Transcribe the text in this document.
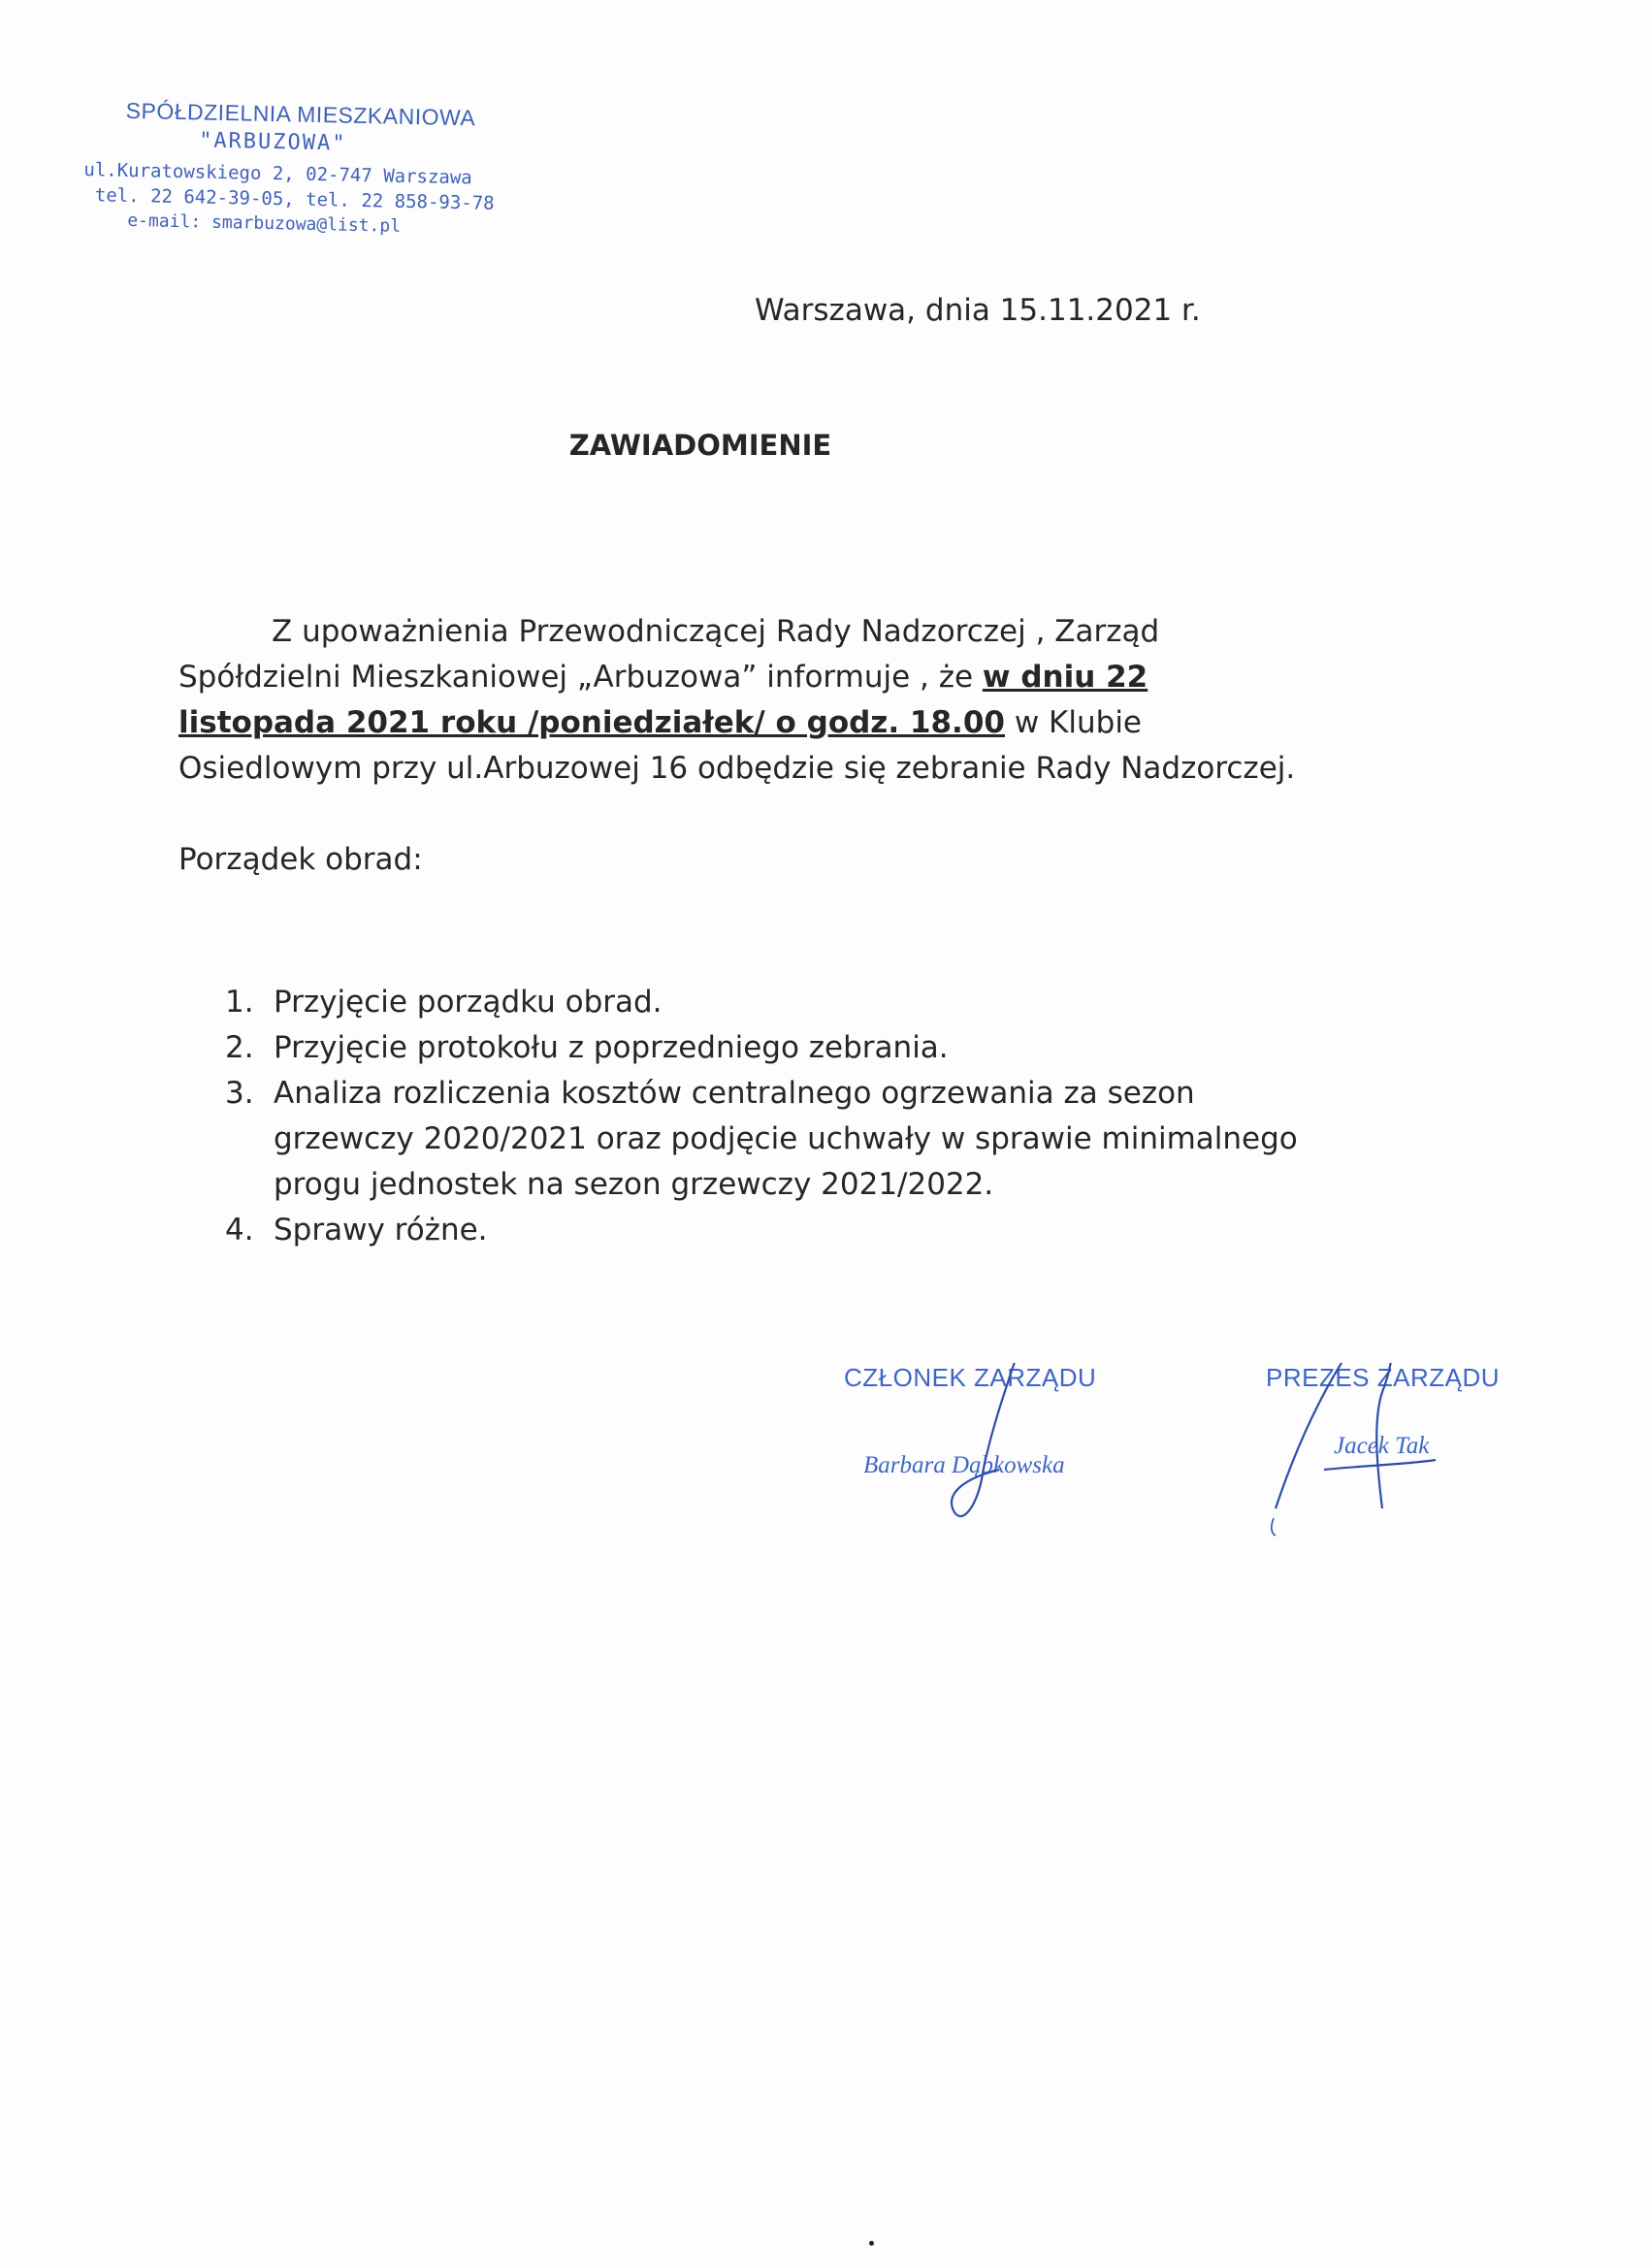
SPÓŁDZIELNIA MIESZKANIOWA
"ARBUZOWA"
ul.Kuratowskiego 2, 02-747 Warszawa
tel. 22 642-39-05, tel. 22 858-93-78
e-mail: smarbuzowa@list.pl
Warszawa, dnia 15.11.2021 r.
ZAWIADOMIENIE

Z upoważnienia Przewodniczącej Rady Nadzorczej , Zarząd Spółdzielni Mieszkaniowej „Arbuzowa” informuje , że w dniu 22 listopada 2021 roku /poniedziałek/ o godz. 18.00 w Klubie Osiedlowym przy ul.Arbuzowej 16 odbędzie się zebranie Rady Nadzorczej.

Porządek obrad:
1. Przyjęcie porządku obrad.
2. Przyjęcie protokołu z poprzedniego zebrania.
3. Analiza rozliczenia kosztów centralnego ogrzewania za sezon grzewczy 2020/2021 oraz podjęcie uchwały w sprawie minimalnego progu jednostek na sezon grzewczy 2021/2022.
4. Sprawy różne.
CZŁONEK ZARZĄDU
Barbara Dąbkowska
PREZES ZARZĄDU
Jacek Tak
